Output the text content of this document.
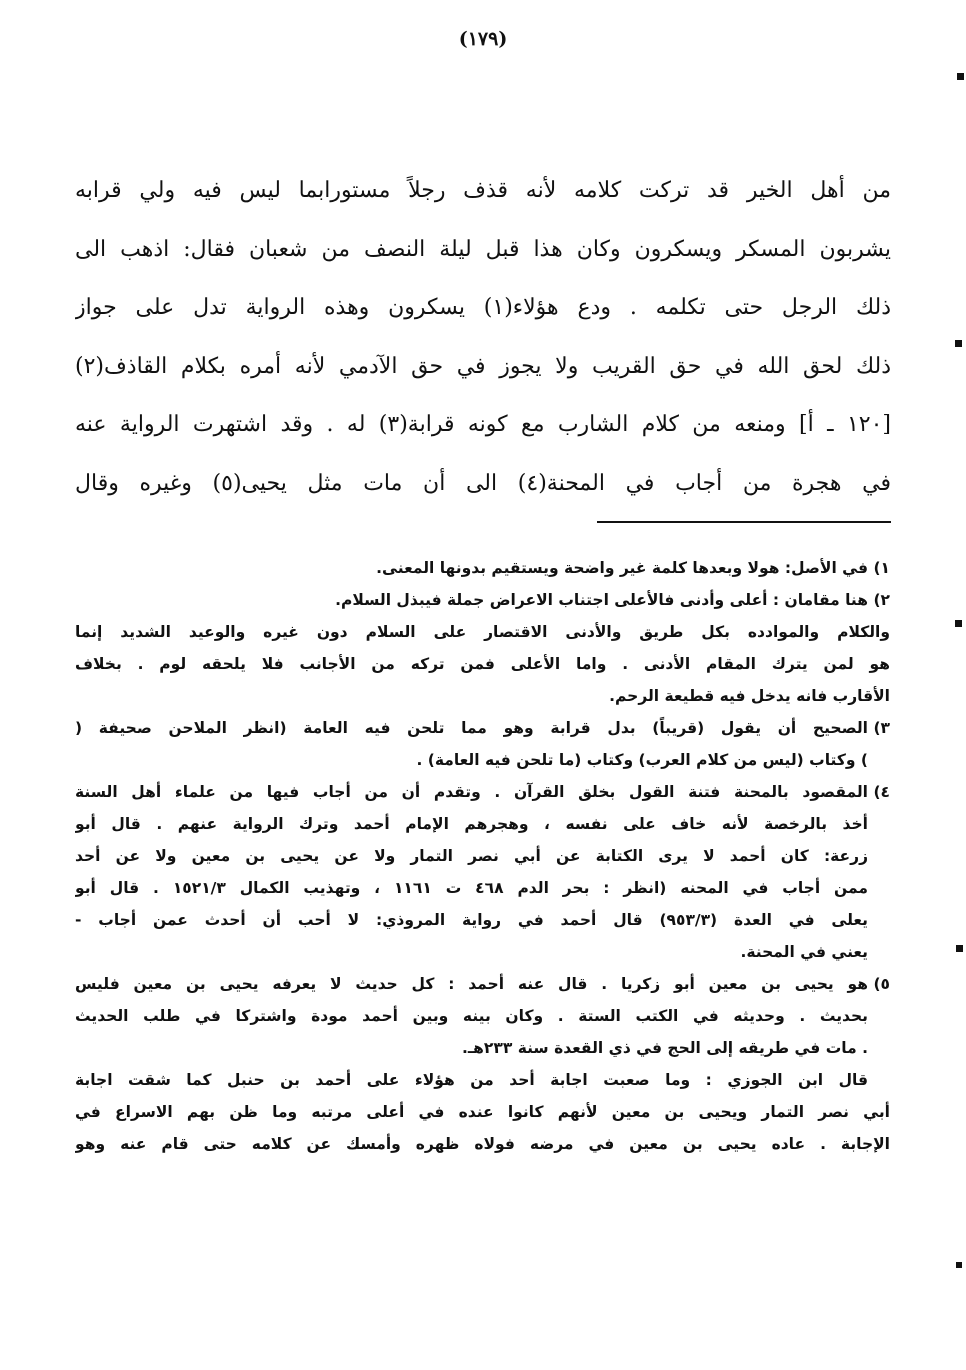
(١٧٩)
من أهل الخير قد تركت كلامه لأنه قذف رجلاً مستورابما ليس فيه ولي قرابه
يشربون المسكر ويسكرون وكان هذا قبل ليلة النصف من شعبان فقال: اذهب الى
ذلك الرجل حتى تكلمه . ودع هؤلاء(١) يسكرون وهذه الرواية تدل على جواز
ذلك لحق الله في حق القريب ولا يجوز في حق الآدمي لأنه أمره بكلام القاذف(٢)
[١٢٠ ـ أ] ومنعه من كلام الشارب مع كونه قرابة(٣) له . وقد اشتهرت الرواية عنه
في هجرة من أجاب في المحنة(٤) الى أن مات مثل يحيى(٥) وغيره وقال
١)
في الأصل: هولا وبعدها كلمة غير واضحة ويستقيم بدونها المعنى.
٢)
هنا مقامان : أعلى وأدنى فالأعلى اجتناب الاعراض جملة فيبذل السلام.
والكلام والموادده بكل طريق والأدنى الاقتصار على السلام دون غيره والوعيد الشديد إنما
هو لمن يترك المقام الأدنى . واما الأعلى فمن تركه من الأجانب فلا يلحقه لوم . بخلاف
الأقارب فانه يدخل فيه قطيعة الرحم.
٣)
الصحيح أن يقول (قريباً) بدل قرابة وهو مما تلحن فيه العامة (انظر الملاحن صحيفة (
) وكتاب (ليس من كلام العرب) وكتاب (ما تلحن فيه العامة) .
٤)
المقصود بالمحنة فتنة القول بخلق القرآن . وتقدم أن من أجاب فيها من علماء أهل السنة
أخذ بالرخصة لأنه خاف على نفسه ، وهجرهم الإمام أحمد وترك الرواية عنهم . قال أبو
زرعة: كان أحمد لا يرى الكتابة عن أبي نصر التمار ولا عن يحيى بن معين ولا عن أحد
ممن أجاب في المحنه (انظر : بحر الدم ٤٦٨ ت ١١٦١ ، وتهذيب الكمال ١٥٢١/٣ . قال أبو
يعلى في العدة (٩٥٣/٣) قال أحمد في رواية المروذي: لا أحب أن أحدث عمن أجاب -
يعني في المحنة.
٥)
هو يحيى بن معين أبو زكريا . قال عنه أحمد : كل حديث لا يعرفه يحيى بن معين فليس
بحديث . وحديثه في الكتب الستة . وكان بينه وبين أحمد مودة واشتركا في طلب الحديث
. مات في طريقه إلى الحج في ذي القعدة سنة ٢٣٣هـ.
قال ابن الجوزي : وما صعبت اجابة أحد من هؤلاء على أحمد بن حنبل كما شقت اجابة
أبي نصر التمار ويحيى بن معين لأنهم كانوا عنده في أعلى مرتبه وما ظن بهم الاسراع في
الإجابة . عاده يحيى بن معين في مرضه فولاه ظهره وأمسك عن كلامه حتى قام عنه وهو
